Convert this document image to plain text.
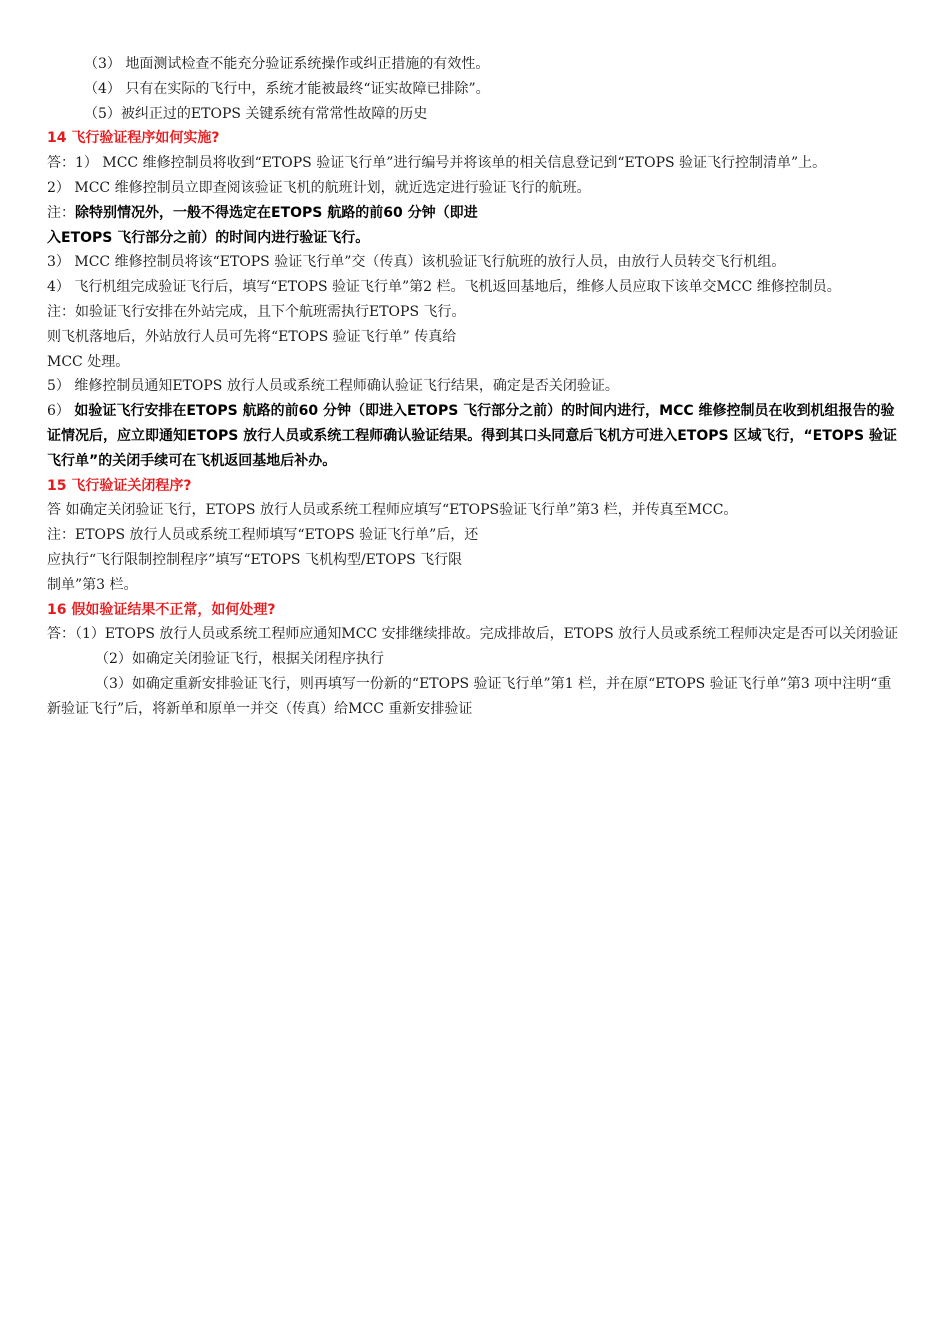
（3） 地面测试检查不能充分验证系统操作或纠正措施的有效性。
（4） 只有在实际的飞行中，系统才能被最终“证实故障已排除”。
（5）被纠正过的ETOPS 关键系统有常常性故障的历史
14 飞行验证程序如何实施?
答：1） MCC 维修控制员将收到“ETOPS 验证飞行单”进行编号并将该单的相关信息登记到“ETOPS 验证飞行控制清单”上。
2） MCC 维修控制员立即查阅该验证飞机的航班计划，就近选定进行验证飞行的航班。
注：除特别情况外，一般不得选定在ETOPS 航路的前60 分钟（即进
入ETOPS 飞行部分之前）的时间内进行验证飞行。
3） MCC 维修控制员将该“ETOPS 验证飞行单”交（传真）该机验证飞行航班的放行人员，由放行人员转交飞行机组。
4） 飞行机组完成验证飞行后，填写“ETOPS 验证飞行单”第2 栏。飞机返回基地后，维修人员应取下该单交MCC 维修控制员。
注：如验证飞行安排在外站完成，且下个航班需执行ETOPS 飞行。
则飞机落地后，外站放行人员可先将“ETOPS 验证飞行单” 传真给
MCC 处理。
5） 维修控制员通知ETOPS 放行人员或系统工程师确认验证飞行结果，确定是否关闭验证。
6） 如验证飞行安排在ETOPS 航路的前60 分钟（即进入ETOPS 飞行部分之前）的时间内进行，MCC 维修控制员在收到机组报告的验证情况后，应立即通知ETOPS 放行人员或系统工程师确认验证结果。得到其口头同意后飞机方可进入ETOPS 区域飞行，“ETOPS 验证飞行单”的关闭手续可在飞机返回基地后补办。
15 飞行验证关闭程序?
答 如确定关闭验证飞行，ETOPS 放行人员或系统工程师应填写“ETOPS验证飞行单”第3 栏，并传真至MCC。
注：ETOPS 放行人员或系统工程师填写“ETOPS 验证飞行单”后，还
应执行“飞行限制控制程序”填写“ETOPS 飞机构型/ETOPS 飞行限
制单”第3 栏。
16 假如验证结果不正常，如何处理?
答：（1）ETOPS 放行人员或系统工程师应通知MCC 安排继续排故。完成排故后，ETOPS 放行人员或系统工程师决定是否可以关闭验证
（2）如确定关闭验证飞行，根据关闭程序执行
（3）如确定重新安排验证飞行，则再填写一份新的“ETOPS 验证飞行单”第1 栏，并在原“ETOPS 验证飞行单”第3 项中注明“重新验证飞行”后，将新单和原单一并交（传真）给MCC 重新安排验证
